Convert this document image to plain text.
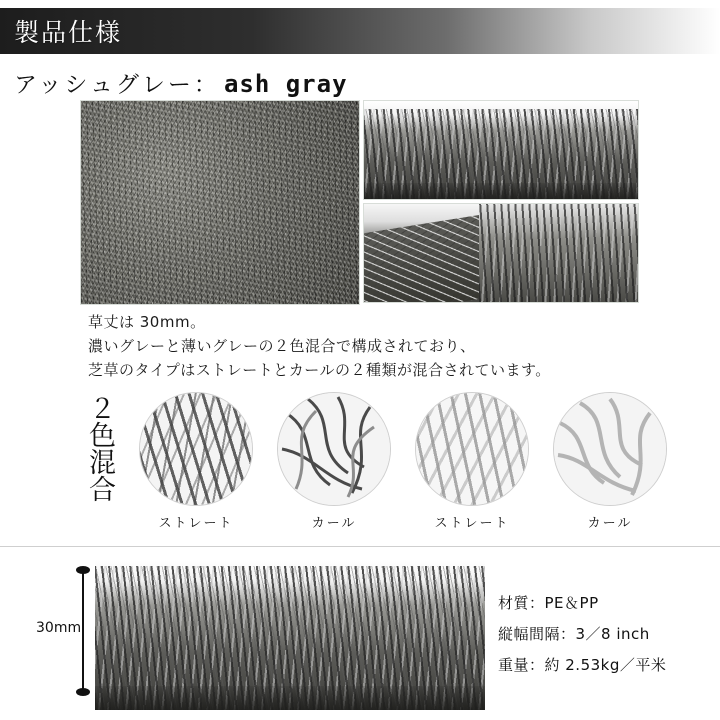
製品仕様
アッシュグレー： ash gray
草丈は 30mm。
濃いグレーと薄いグレーの２色混合で構成されており、
芝草のタイプはストレートとカールの２種類が混合されています。
２色混合
ストレート	カール	ストレート	カール
30mm
材質：PE＆PP
縦幅間隔：3／8 inch
重量：約 2.53kg／平米
